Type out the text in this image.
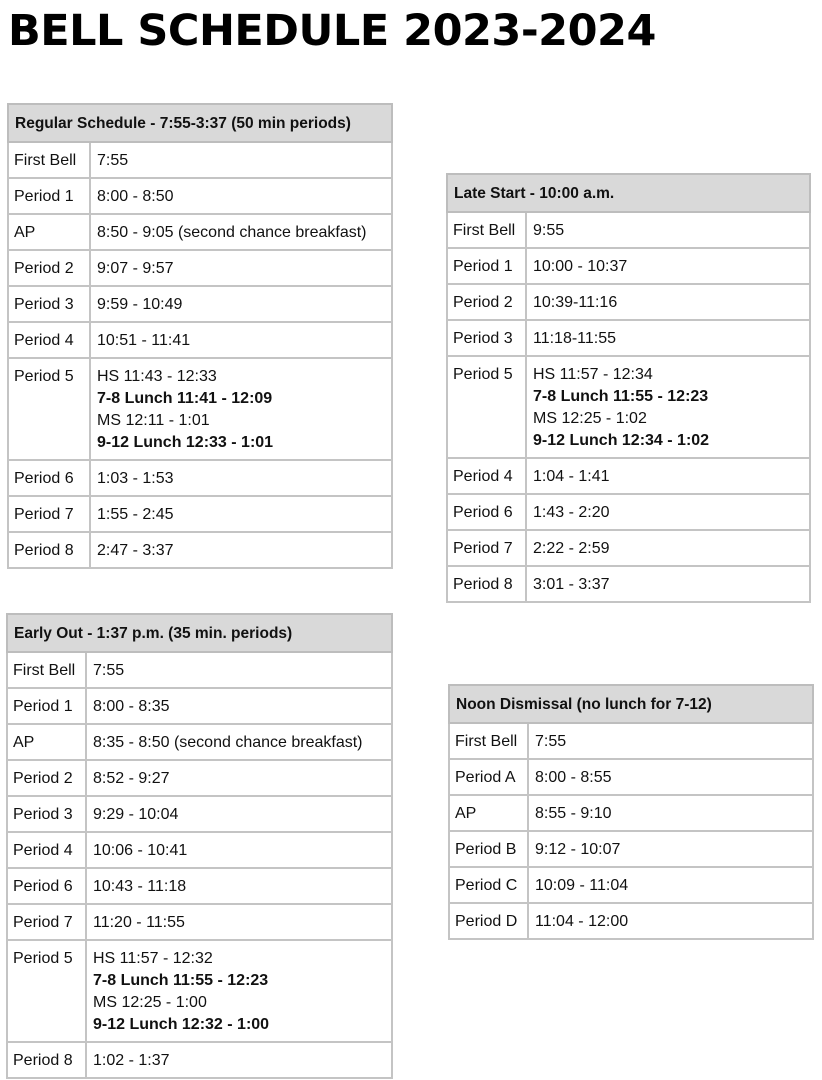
BELL SCHEDULE 2023-2024
Regular Schedule - 7:55-3:37 (50 min periods)	
First Bell	7:55

Period 1	8:00 - 8:50

AP	8:50 - 9:05 (second chance breakfast)

Period 2	9:07 - 9:57

Period 3	9:59 - 10:49

Period 4	10:51 - 11:41

Period 5	HS 11:43 - 12:33
7-8 Lunch 11:41 - 12:09
MS 12:11 - 1:01
9-12 Lunch 12:33 - 1:01

Period 6	1:03 - 1:53

Period 7	1:55 - 2:45

Period 8	2:47 - 3:37
Late Start - 10:00 a.m.	
First Bell	9:55

Period 1	10:00 - 10:37

Period 2	10:39-11:16

Period 3	11:18-11:55

Period 5	HS 11:57 - 12:34
7-8 Lunch 11:55 - 12:23
MS 12:25 - 1:02
9-12 Lunch 12:34 - 1:02

Period 4	1:04 - 1:41

Period 6	1:43 - 2:20

Period 7	2:22 - 2:59

Period 8	3:01 - 3:37
Early Out - 1:37 p.m. (35 min. periods)	
First Bell	7:55

Period 1	8:00 - 8:35

AP	8:35 - 8:50 (second chance breakfast)

Period 2	8:52 - 9:27

Period 3	9:29 - 10:04

Period 4	10:06 - 10:41

Period 6	10:43 - 11:18

Period 7	11:20 - 11:55

Period 5	HS 11:57 - 12:32
7-8 Lunch 11:55 - 12:23
MS 12:25 - 1:00
9-12 Lunch 12:32 - 1:00

Period 8	1:02 - 1:37
Noon Dismissal (no lunch for 7-12)	
First Bell	7:55

Period A	8:00 - 8:55

AP	8:55 - 9:10

Period B	9:12 - 10:07

Period C	10:09 - 11:04

Period D	11:04 - 12:00
